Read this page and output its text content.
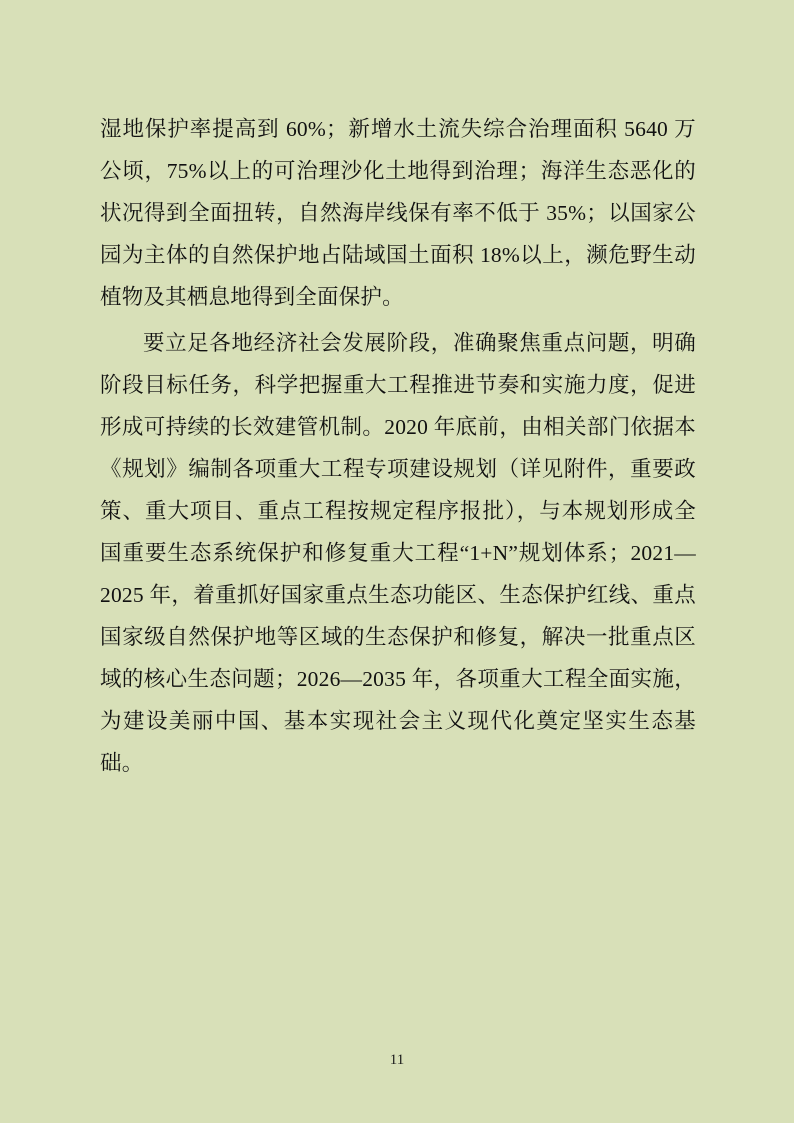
湿地保护率提高到 60%；新增水土流失综合治理面积 5640 万公顷，75%以上的可治理沙化土地得到治理；海洋生态恶化的状况得到全面扭转，自然海岸线保有率不低于 35%；以国家公园为主体的自然保护地占陆域国土面积 18%以上，濒危野生动植物及其栖息地得到全面保护。

要立足各地经济社会发展阶段，准确聚焦重点问题，明确阶段目标任务，科学把握重大工程推进节奏和实施力度，促进形成可持续的长效建管机制。2020 年底前，由相关部门依据本《规划》编制各项重大工程专项建设规划（详见附件，重要政策、重大项目、重点工程按规定程序报批），与本规划形成全国重要生态系统保护和修复重大工程“1+N”规划体系；2021—2025 年，着重抓好国家重点生态功能区、生态保护红线、重点国家级自然保护地等区域的生态保护和修复，解决一批重点区域的核心生态问题；2026—2035 年，各项重大工程全面实施，为建设美丽中国、基本实现社会主义现代化奠定坚实生态基础。

11
